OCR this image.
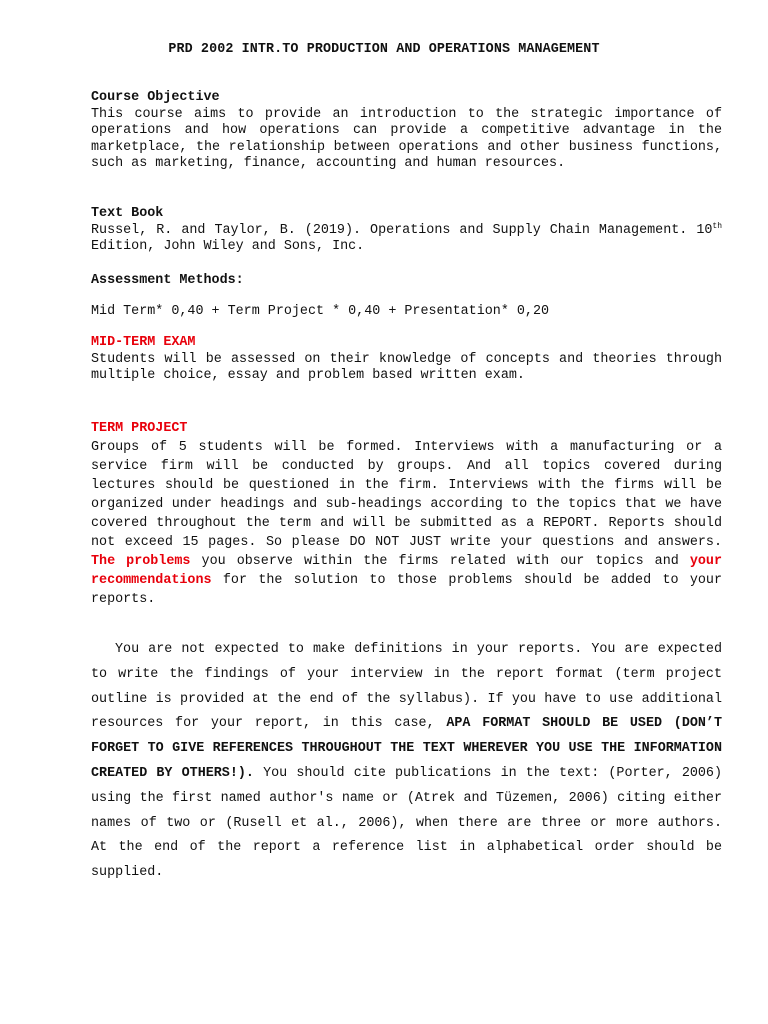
PRD 2002 INTR.TO PRODUCTION AND OPERATIONS MANAGEMENT

Course Objective

This course aims to provide an introduction to the strategic importance of operations and how operations can provide a competitive advantage in the marketplace, the relationship between operations and other business functions, such as marketing, finance, accounting and human resources.

Text Book

Russel, R. and Taylor, B. (2019). Operations and Supply Chain Management. 10th Edition, John Wiley and Sons, Inc.

Assessment Methods:

Mid Term* 0,40 + Term Project * 0,40 + Presentation* 0,20

MID-TERM EXAM

Students will be assessed on their knowledge of concepts and theories through multiple choice, essay and problem based written exam.

TERM PROJECT

Groups of 5 students will be formed. Interviews with a manufacturing or a service firm will be conducted by groups. And all topics covered during lectures should be questioned in the firm. Interviews with the firms will be organized under headings and sub-headings according to the topics that we have covered throughout the term and will be submitted as a REPORT. Reports should not exceed 15 pages. So please DO NOT JUST write your questions and answers. The problems you observe within the firms related with our topics and your recommendations for the solution to those problems should be added to your reports.

You are not expected to make definitions in your reports. You are expected to write the findings of your interview in the report format (term project outline is provided at the end of the syllabus). If you have to use additional resources for your report, in this case, APA FORMAT SHOULD BE USED (DON’T FORGET TO GIVE REFERENCES THROUGHOUT THE TEXT WHEREVER YOU USE THE INFORMATION CREATED BY OTHERS!). You should cite publications in the text: (Porter, 2006) using the first named author's name or (Atrek and Tüzemen, 2006) citing either names of two or (Rusell et al., 2006), when there are three or more authors. At the end of the report a reference list in alphabetical order should be supplied.
